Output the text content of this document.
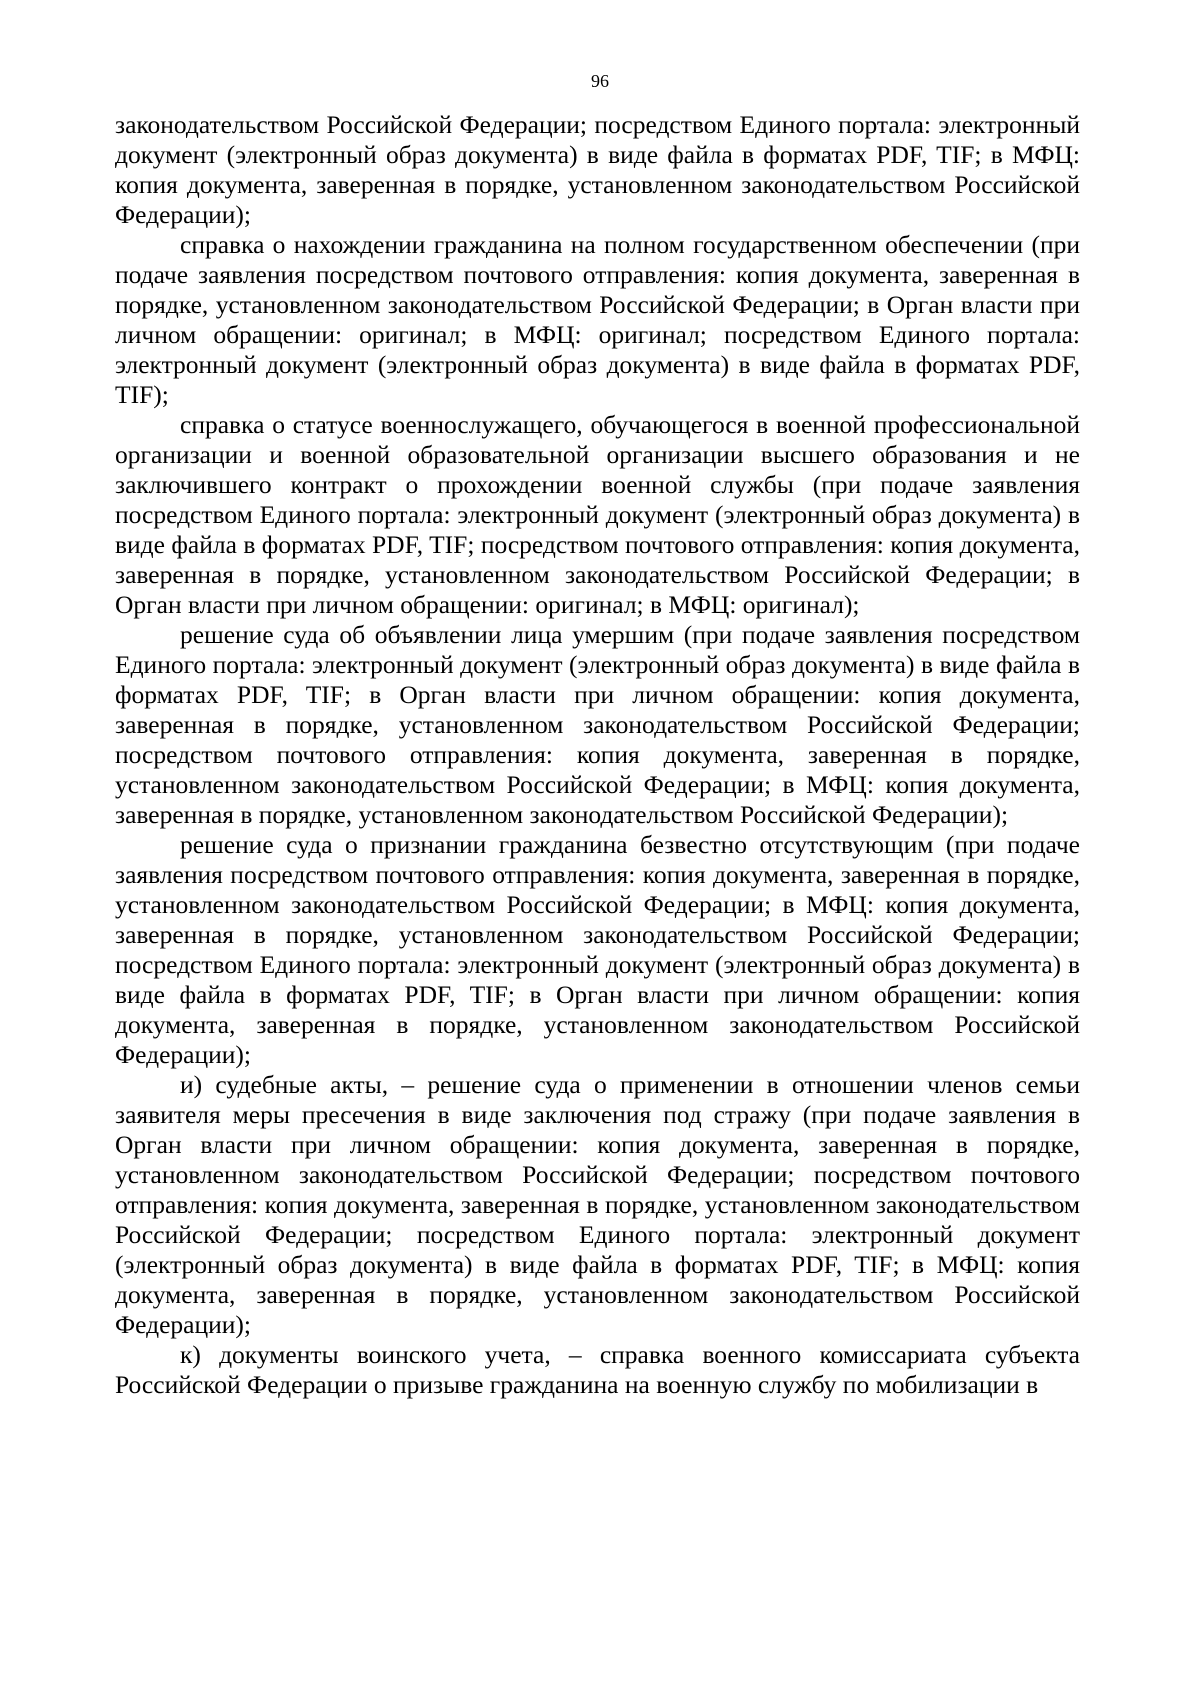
96

законодательством Российской Федерации; посредством Единого портала: электронный документ (электронный образ документа) в виде файла в форматах PDF, TIF; в МФЦ: копия документа, заверенная в порядке, установленном законодательством Российской Федерации);

справка о нахождении гражданина на полном государственном обеспечении (при подаче заявления посредством почтового отправления: копия документа, заверенная в порядке, установленном законодательством Российской Федерации; в Орган власти при личном обращении: оригинал; в МФЦ: оригинал; посредством Единого портала: электронный документ (электронный образ документа) в виде файла в форматах PDF, TIF);

справка о статусе военнослужащего, обучающегося в военной профессиональной организации и военной образовательной организации высшего образования и не заключившего контракт о прохождении военной службы (при подаче заявления посредством Единого портала: электронный документ (электронный образ документа) в виде файла в форматах PDF, TIF; посредством почтового отправления: копия документа, заверенная в порядке, установленном законодательством Российской Федерации; в Орган власти при личном обращении: оригинал; в МФЦ: оригинал);

решение суда об объявлении лица умершим (при подаче заявления посредством Единого портала: электронный документ (электронный образ документа) в виде файла в форматах PDF, TIF; в Орган власти при личном обращении: копия документа, заверенная в порядке, установленном законодательством Российской Федерации; посредством почтового отправления: копия документа, заверенная в порядке, установленном законодательством Российской Федерации; в МФЦ: копия документа, заверенная в порядке, установленном законодательством Российской Федерации);

решение суда о признании гражданина безвестно отсутствующим (при подаче заявления посредством почтового отправления: копия документа, заверенная в порядке, установленном законодательством Российской Федерации; в МФЦ: копия документа, заверенная в порядке, установленном законодательством Российской Федерации; посредством Единого портала: электронный документ (электронный образ документа) в виде файла в форматах PDF, TIF; в Орган власти при личном обращении: копия документа, заверенная в порядке, установленном законодательством Российской Федерации);

и) судебные акты, – решение суда о применении в отношении членов семьи заявителя меры пресечения в виде заключения под стражу (при подаче заявления в Орган власти при личном обращении: копия документа, заверенная в порядке, установленном законодательством Российской Федерации; посредством почтового отправления: копия документа, заверенная в порядке, установленном законодательством Российской Федерации; посредством Единого портала: электронный документ (электронный образ документа) в виде файла в форматах PDF, TIF; в МФЦ: копия документа, заверенная в порядке, установленном законодательством Российской Федерации);

к) документы воинского учета, – справка военного комиссариата субъекта Российской Федерации о призыве гражданина на военную службу по мобилизации в
